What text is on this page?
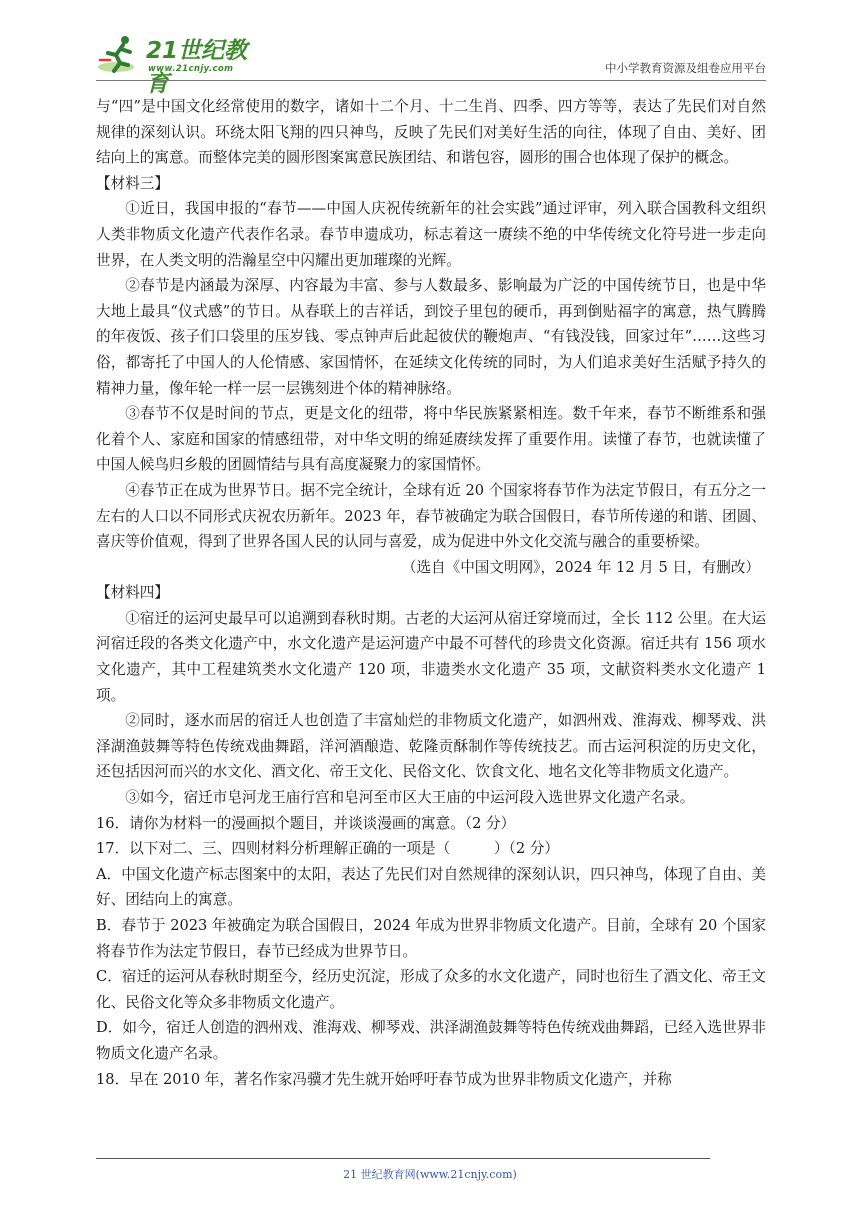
21世纪教育
www.21cnjy.com	中小学教育资源及组卷应用平台

与“四”是中国文化经常使用的数字，诸如十二个月、十二生肖、四季、四方等等，表达了先民们对自然规律的深刻认识。环绕太阳飞翔的四只神鸟，反映了先民们对美好生活的向往，体现了自由、美好、团结向上的寓意。而整体完美的圆形图案寓意民族团结、和谐包容，圆形的围合也体现了保护的概念。

【材料三】

①近日，我国申报的“春节——中国人庆祝传统新年的社会实践”通过评审，列入联合国教科文组织人类非物质文化遗产代表作名录。春节申遗成功，标志着这一赓续不绝的中华传统文化符号进一步走向世界，在人类文明的浩瀚星空中闪耀出更加璀璨的光辉。

②春节是内涵最为深厚、内容最为丰富、参与人数最多、影响最为广泛的中国传统节日，也是中华大地上最具“仪式感”的节日。从春联上的吉祥话，到饺子里包的硬币，再到倒贴福字的寓意，热气腾腾的年夜饭、孩子们口袋里的压岁钱、零点钟声后此起彼伏的鞭炮声、“有钱没钱，回家过年”……这些习俗，都寄托了中国人的人伦情感、家国情怀，在延续文化传统的同时，为人们追求美好生活赋予持久的精神力量，像年轮一样一层一层镌刻进个体的精神脉络。

③春节不仅是时间的节点，更是文化的纽带，将中华民族紧紧相连。数千年来，春节不断维系和强化着个人、家庭和国家的情感纽带，对中华文明的绵延赓续发挥了重要作用。读懂了春节，也就读懂了中国人候鸟归乡般的团圆情结与具有高度凝聚力的家国情怀。

④春节正在成为世界节日。据不完全统计，全球有近 20 个国家将春节作为法定节假日，有五分之一左右的人口以不同形式庆祝农历新年。2023 年，春节被确定为联合国假日，春节所传递的和谐、团圆、喜庆等价值观，得到了世界各国人民的认同与喜爱，成为促进中外文化交流与融合的重要桥梁。

（选自《中国文明网》，2024 年 12 月 5 日，有删改）

【材料四】

①宿迁的运河史最早可以追溯到春秋时期。古老的大运河从宿迁穿境而过，全长 112 公里。在大运河宿迁段的各类文化遗产中，水文化遗产是运河遗产中最不可替代的珍贵文化资源。宿迁共有 156 项水文化遗产，其中工程建筑类水文化遗产 120 项，非遗类水文化遗产 35 项，文献资料类水文化遗产 1 项。

②同时，逐水而居的宿迁人也创造了丰富灿烂的非物质文化遗产，如泗州戏、淮海戏、柳琴戏、洪泽湖渔鼓舞等特色传统戏曲舞蹈，洋河酒酿造、乾隆贡酥制作等传统技艺。而古运河积淀的历史文化，还包括因河而兴的水文化、酒文化、帝王文化、民俗文化、饮食文化、地名文化等非物质文化遗产。

③如今，宿迁市皂河龙王庙行宫和皂河至市区大王庙的中运河段入选世界文化遗产名录。

16．请你为材料一的漫画拟个题目，并谈谈漫画的寓意。（2 分）

17．以下对二、三、四则材料分析理解正确的一项是（　　　）（2 分）

A．中国文化遗产标志图案中的太阳，表达了先民们对自然规律的深刻认识，四只神鸟，体现了自由、美好、团结向上的寓意。

B．春节于 2023 年被确定为联合国假日，2024 年成为世界非物质文化遗产。目前，全球有 20 个国家将春节作为法定节假日，春节已经成为世界节日。

C．宿迁的运河从春秋时期至今，经历史沉淀，形成了众多的水文化遗产，同时也衍生了酒文化、帝王文化、民俗文化等众多非物质文化遗产。

D．如今，宿迁人创造的泗州戏、淮海戏、柳琴戏、洪泽湖渔鼓舞等特色传统戏曲舞蹈，已经入选世界非物质文化遗产名录。

18．早在 2010 年，著名作家冯骥才先生就开始呼吁春节成为世界非物质文化遗产，并称

21 世纪教育网(www.21cnjy.com)
